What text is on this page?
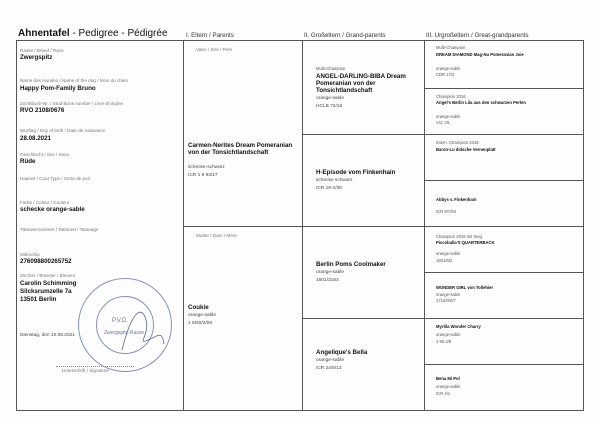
Ahnentafel - Pedigree - Pédigrée	I. Eltern / Parents	II. Großeltern / Grand-parents	III. Urgroßeltern / Great-grandparents
Rasse / Breed / Race
Zwergspitz
Name des Hundes / Name of the dog / Nom du chien
Happy Pom-Family Bruno
Zuchtbuch-Nr. / Stud Book number / Livre d'origine
RVO 2108/0676
Wurftag / Day of birth / Date de naissance
28.08.2021
Geschlecht / Sex / Sexe
Rüde
Haarart / Coat Type / Sorte de poil
Farbe / Colour / Couleur
schecke orange-sable
Tätowiernummer / Tattooed / Tatouage
Mikrochip
276098800265752
Züchter / Breeder / Éleveur
Carolin Schimming
Silcksrumzelle 7a
13501 Berlin
Dienstag, den 10.08.2021
Unterschrift / Signature
P.V.D.
Zwergspitz-Rasse
Vater / Sire / Père
Carmen-Nerites Dream Pomeranian von der Tonsichtlandschaft
schecke-schwarz
ICR 1 6 94/17
Mutter / Dam / Mère
Coukie
orange-sable
1 M20/2/06
Multi-Champion
ANGEL-DARLING-BIBA Dream Pomeranian von der Tonsichtlandschaft
orange-sable
HCLB 72/16
H-Episode vom Finkenhain
schecke schwarz
ICR 19-2/36
Berlin Poms Coolmaker
orange-sable
1601/3163
Angelique's Bella
orange-sable
ICR 24/5/13
Multi-Champion
DREAM DIAMOND Mag-Nu Pomeranian Joie
orange-sable
CDR 17/2
Champion 2016
Angel's Berlin Lila aus den schwarzen Perlen
orange-sable
V11 V5
Intern. Champion 2016
Baron-Lu didsche Verneuplatt
Abbys v. Finkenhain
ICR 9/7/84
Champion 2016 mit Sieg
Piccoballa'S QUARTERBACK
orange-sable
1601/8/2
WONDER GIRL von Tollehier
orange-sable
1716/0/0/7
Myrtila Wonder Charry
orange-sable
1 95 4/8
Bena Mi Pol
orange-sable
ICR 4/1
